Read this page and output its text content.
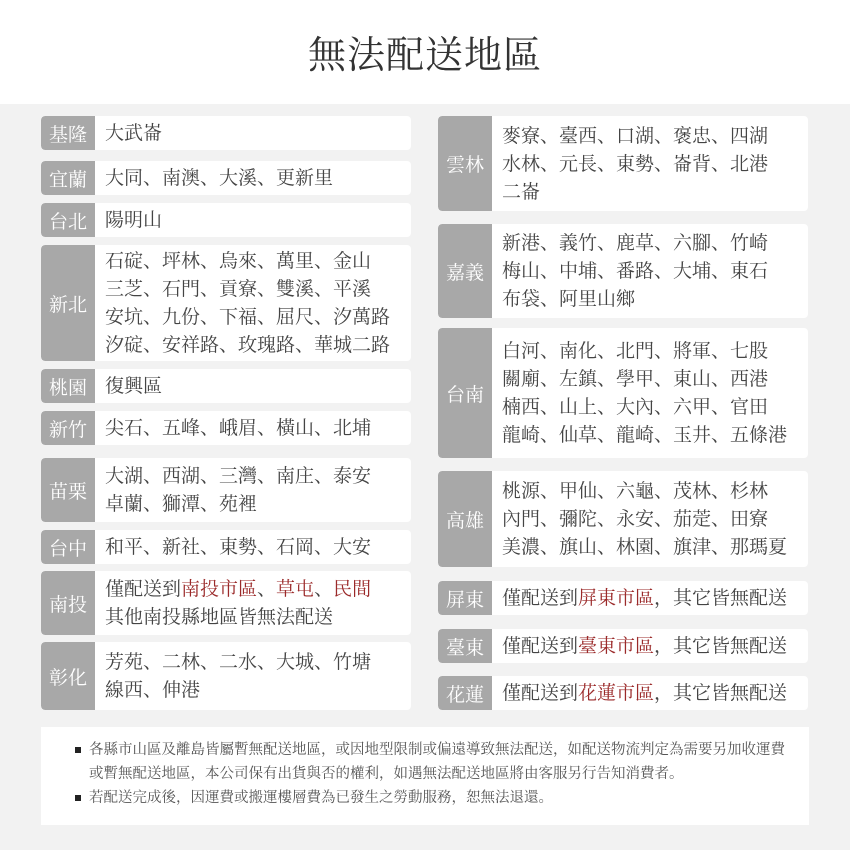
無法配送地區
基隆 大武崙
宜蘭 大同、南澳、大溪、更新里
台北 陽明山
新北
石碇、坪林、烏來、萬里、金山
三芝、石門、貢寮、雙溪、平溪
安坑、九份、下福、屈尺、汐萬路
汐碇、安祥路、玫瑰路、華城二路
桃園 復興區
新竹 尖石、五峰、峨眉、橫山、北埔
苗栗
大湖、西湖、三灣、南庄、泰安
卓蘭、獅潭、苑裡
台中 和平、新社、東勢、石岡、大安
南投
僅配送到南投市區、草屯、民間
其他南投縣地區皆無法配送
彰化
芳苑、二林、二水、大城、竹塘
線西、伸港
雲林
麥寮、臺西、口湖、褒忠、四湖
水林、元長、東勢、崙背、北港
二崙
嘉義
新港、義竹、鹿草、六腳、竹崎
梅山、中埔、番路、大埔、東石
布袋、阿里山鄉
台南
白河、南化、北門、將軍、七股
關廟、左鎮、學甲、東山、西港
楠西、山上、大內、六甲、官田
龍崎、仙草、龍崎、玉井、五條港
高雄
桃源、甲仙、六龜、茂林、杉林
內門、彌陀、永安、茄萣、田寮
美濃、旗山、林園、旗津、那瑪夏
屏東 僅配送到屏東市區，其它皆無配送
臺東 僅配送到臺東市區，其它皆無配送
花蓮 僅配送到花蓮市區，其它皆無配送

各縣市山區及離島皆屬暫無配送地區，或因地型限制或偏遠導致無法配送，如配送物流判定為需要另加收運費或暫無配送地區，本公司保有出貨與否的權利，如遇無法配送地區將由客服另行告知消費者。

若配送完成後，因運費或搬運樓層費為已發生之勞動服務，恕無法退還。
